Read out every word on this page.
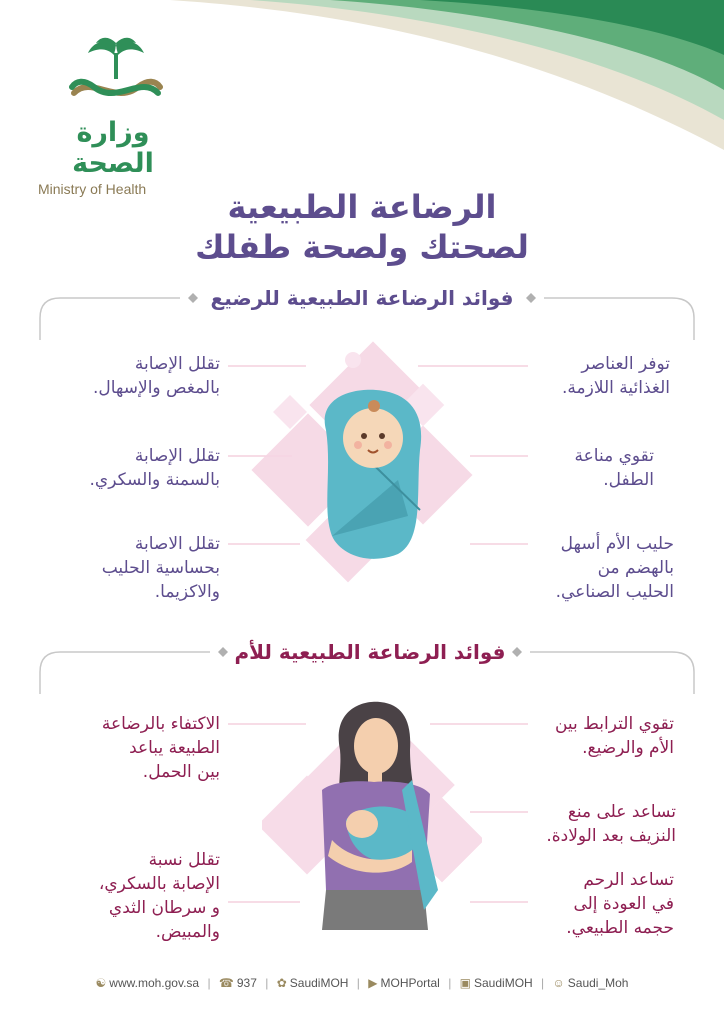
وزارة الصحة
Ministry of Health	الرضاعة الطبيعية
لصحتك ولصحة طفلك
فوائد الرضاعة الطبيعية للرضيع
فوائد الرضاعة الطبيعية للأم
توفر العناصر
الغذائية اللازمة.
تقوي مناعة
الطفل.
حليب الأم أسهل
بالهضم من
الحليب الصناعي.
تقلل الإصابة
بالمغص والإسهال.
تقلل الإصابة
بالسمنة والسكري.
تقلل الاصابة
بحساسية الحليب
والاكزيما.
تقوي الترابط بين
الأم والرضيع.
تساعد على منع
النزيف بعد الولادة.
تساعد الرحم
في العودة إلى
حجمه الطبيعي.
الاكتفاء بالرضاعة
الطبيعة يباعد
بين الحمل.
تقلل نسبة
الإصابة بالسكري،
و سرطان الثدي
والمبيض.
☯ www.moh.gov.sa | ☎ 937 | ✿ SaudiMOH | ▶ MOHPortal | ▣ SaudiMOH | ☺ Saudi_Moh
